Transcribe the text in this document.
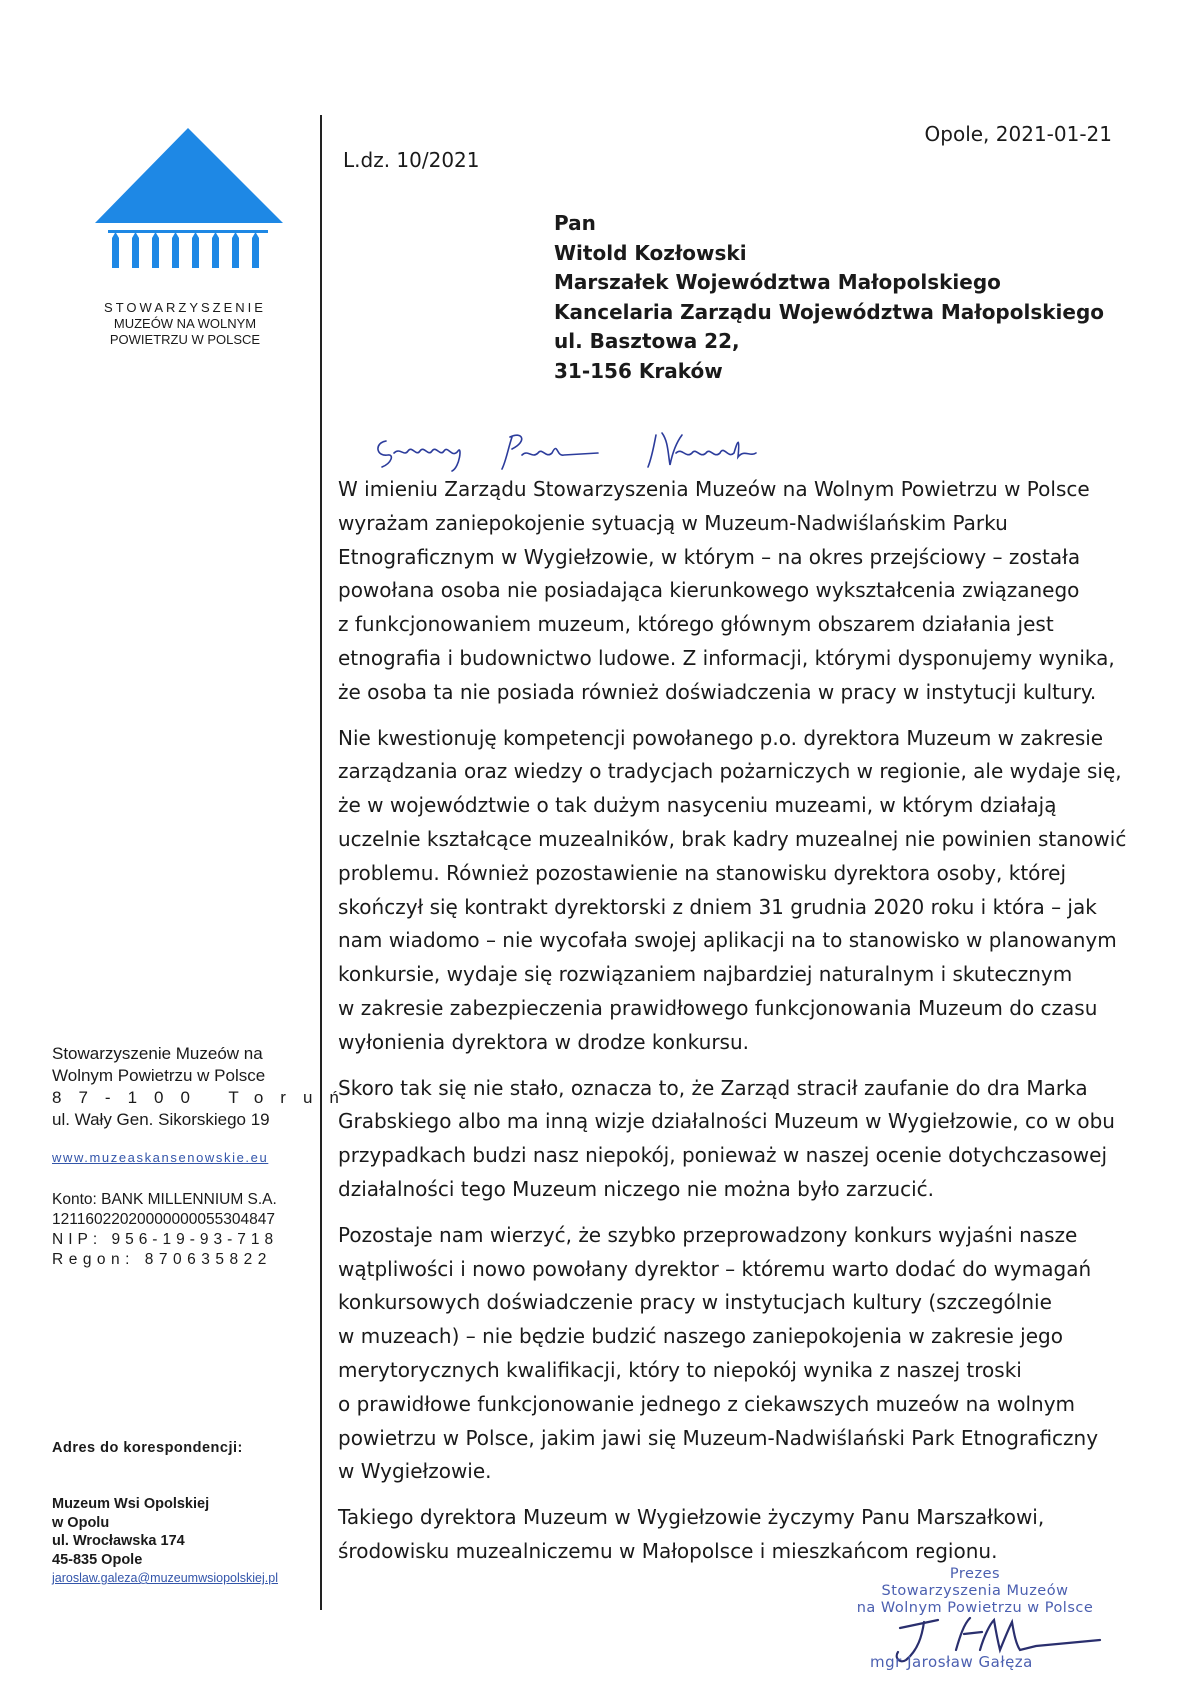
STOWARZYSZENIE
MUZEÓW NA WOLNYM
POWIETRZU W POLSCE
L.dz. 10/2021
Opole, 2021-01-21
Pan
Witold Kozłowski
Marszałek Województwa Małopolskiego
Kancelaria Zarządu Województwa Małopolskiego
ul. Basztowa 22,
31-156 Kraków

W imieniu Zarządu Stowarzyszenia Muzeów na Wolnym Powietrzu w Polsce
wyrażam zaniepokojenie sytuacją w Muzeum-Nadwiślańskim Parku
Etnograficznym w Wygiełzowie, w którym – na okres przejściowy – została
powołana osoba nie posiadająca kierunkowego wykształcenia związanego
z funkcjonowaniem muzeum, którego głównym obszarem działania jest
etnografia i budownictwo ludowe. Z informacji, którymi dysponujemy wynika,
że osoba ta nie posiada również doświadczenia w pracy w instytucji kultury.

Nie kwestionuję kompetencji powołanego p.o. dyrektora Muzeum w zakresie
zarządzania oraz wiedzy o tradycjach pożarniczych w regionie, ale wydaje się,
że w województwie o tak dużym nasyceniu muzeami, w którym działają
uczelnie kształcące muzealników, brak kadry muzealnej nie powinien stanowić
problemu. Również pozostawienie na stanowisku dyrektora osoby, której
skończył się kontrakt dyrektorski z dniem 31 grudnia 2020 roku i która – jak
nam wiadomo – nie wycofała swojej aplikacji na to stanowisko w planowanym
konkursie, wydaje się rozwiązaniem najbardziej naturalnym i skutecznym
w zakresie zabezpieczenia prawidłowego funkcjonowania Muzeum do czasu
wyłonienia dyrektora w drodze konkursu.

Skoro tak się nie stało, oznacza to, że Zarząd stracił zaufanie do dra Marka
Grabskiego albo ma inną wizje działalności Muzeum w Wygiełzowie, co w obu
przypadkach budzi nasz niepokój, ponieważ w naszej ocenie dotychczasowej
działalności tego Muzeum niczego nie można było zarzucić.

Pozostaje nam wierzyć, że szybko przeprowadzony konkurs wyjaśni nasze
wątpliwości i nowo powołany dyrektor – któremu warto dodać do wymagań
konkursowych doświadczenie pracy w instytucjach kultury (szczególnie
w muzeach) – nie będzie budzić naszego zaniepokojenia w zakresie jego
merytorycznych kwalifikacji, który to niepokój wynika z naszej troski
o prawidłowe funkcjonowanie jednego z ciekawszych muzeów na wolnym
powietrzu w Polsce, jakim jawi się Muzeum-Nadwiślański Park Etnograficzny
w Wygiełzowie.

Takiego dyrektora Muzeum w Wygiełzowie życzymy Panu Marszałkowi,
środowisku muzealniczemu w Małopolsce i mieszkańcom regionu.

Stowarzyszenie Muzeów na
Wolnym Powietrzu w Polsce
87-100 Toruń
ul. Wały Gen. Sikorskiego 19
www.muzeaskansenowskie.eu
Konto: BANK MILLENNIUM S.A.
12116022020000000055304847
NIP: 956-19-93-718
Regon: 870635822
Adres do korespondencji:
Muzeum Wsi Opolskiej
w Opolu
ul. Wrocławska 174
45-835 Opole
jaroslaw.galeza@muzeumwsiopolskiej.pl	Prezes
Stowarzyszenia Muzeów
na Wolnym Powietrzu w Polsce
mgr Jarosław Gałęza
